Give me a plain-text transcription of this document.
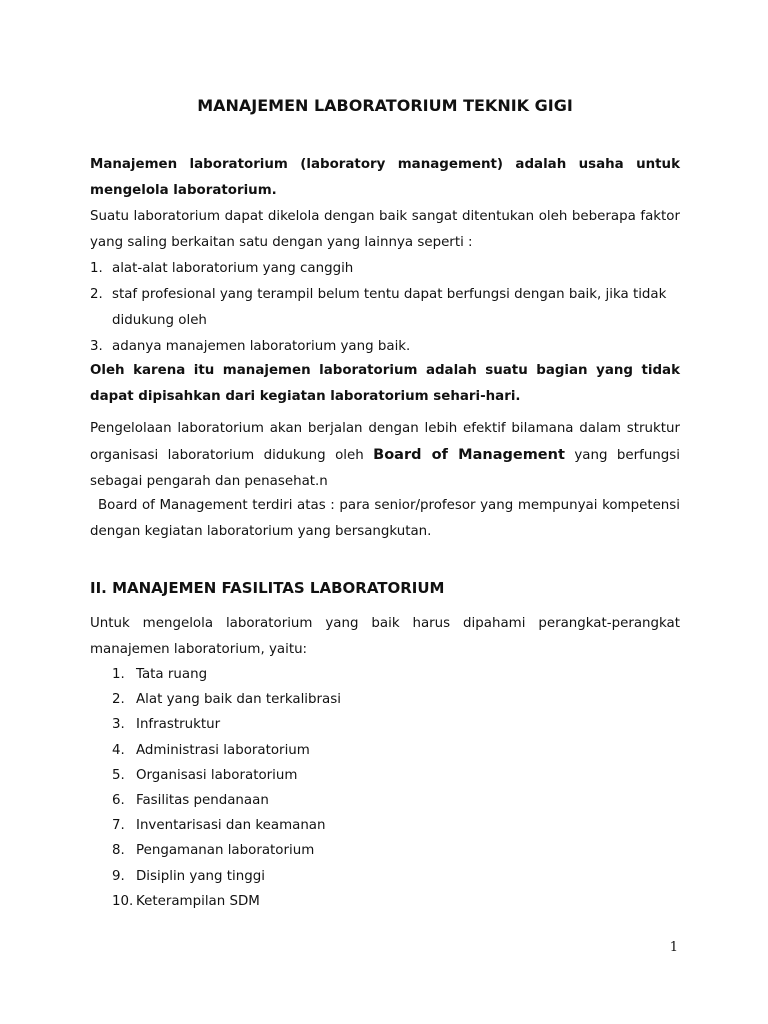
MANAJEMEN LABORATORIUM TEKNIK GIGI

Manajemen laboratorium (laboratory management) adalah usaha untuk mengelola laboratorium.

Suatu laboratorium dapat dikelola dengan baik sangat ditentukan oleh beberapa faktor yang saling berkaitan satu dengan yang lainnya seperti :

1. alat-alat laboratorium yang canggih
2. staf profesional yang terampil belum tentu dapat berfungsi dengan baik, jika tidak didukung oleh
3. adanya manajemen laboratorium yang baik.

Oleh karena itu manajemen laboratorium adalah suatu bagian yang tidak dapat dipisahkan dari kegiatan laboratorium sehari-hari.

Pengelolaan laboratorium akan berjalan dengan lebih efektif bilamana dalam struktur organisasi laboratorium didukung oleh Board of Management yang berfungsi sebagai pengarah dan penasehat.n

Board of Management terdiri atas : para senior/profesor yang mempunyai kompetensi dengan kegiatan laboratorium yang bersangkutan.

II. MANAJEMEN FASILITAS LABORATORIUM

Untuk mengelola laboratorium yang baik harus dipahami perangkat-perangkat manajemen laboratorium, yaitu:

1. Tata ruang
2. Alat yang baik dan terkalibrasi
3. Infrastruktur
4. Administrasi laboratorium
5. Organisasi laboratorium
6. Fasilitas pendanaan
7. Inventarisasi dan keamanan
8. Pengamanan laboratorium
9. Disiplin yang tinggi
10. Keterampilan SDM
1
